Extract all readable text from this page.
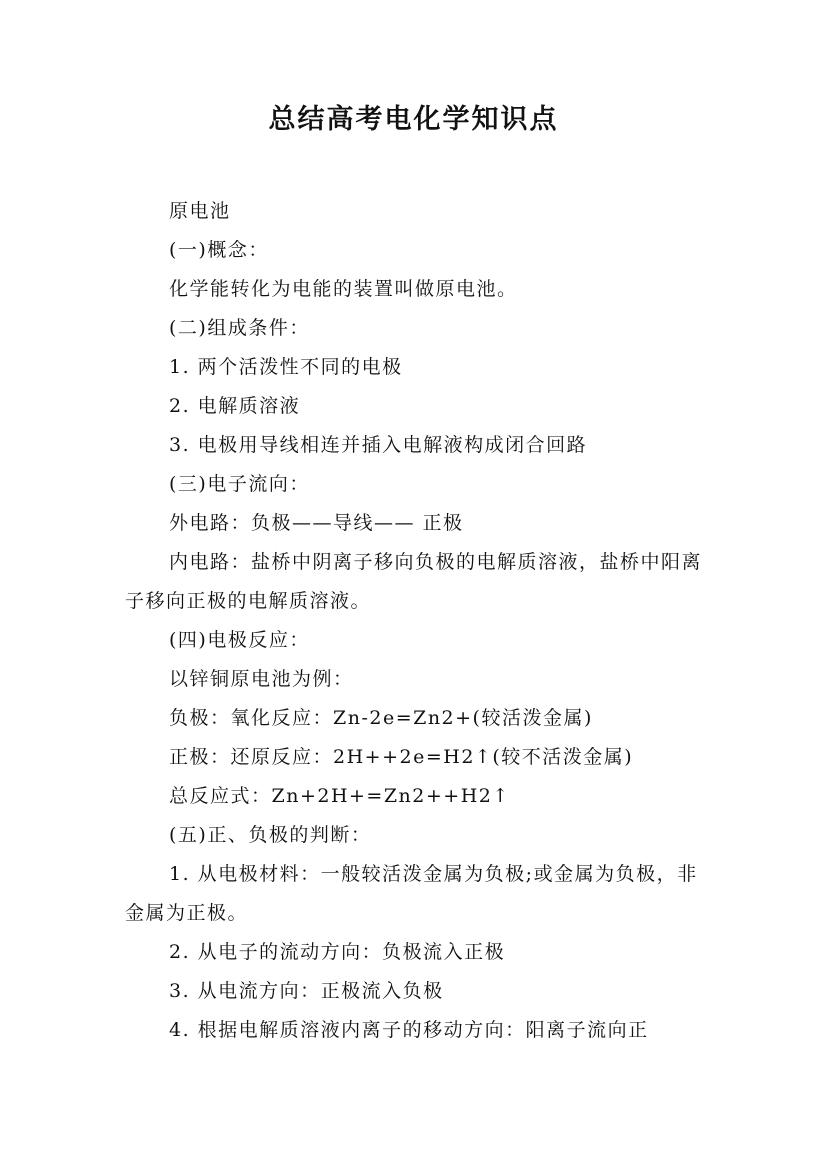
总结高考电化学知识点

原电池

(一)概念：

化学能转化为电能的装置叫做原电池。

(二)组成条件：

1. 两个活泼性不同的电极

2. 电解质溶液

3. 电极用导线相连并插入电解液构成闭合回路

(三)电子流向：

外电路：负极——导线—— 正极

内电路：盐桥中阴离子移向负极的电解质溶液，盐桥中阳离子移向正极的电解质溶液。

(四)电极反应：

以锌铜原电池为例：

负极：氧化反应：Zn-2e=Zn2+(较活泼金属)

正极：还原反应：2H++2e=H2↑(较不活泼金属)

总反应式：Zn+2H+=Zn2++H2↑

(五)正、负极的判断：

1. 从电极材料：一般较活泼金属为负极;或金属为负极，非金属为正极。

2. 从电子的流动方向：负极流入正极

3. 从电流方向：正极流入负极

4. 根据电解质溶液内离子的移动方向：阳离子流向正
